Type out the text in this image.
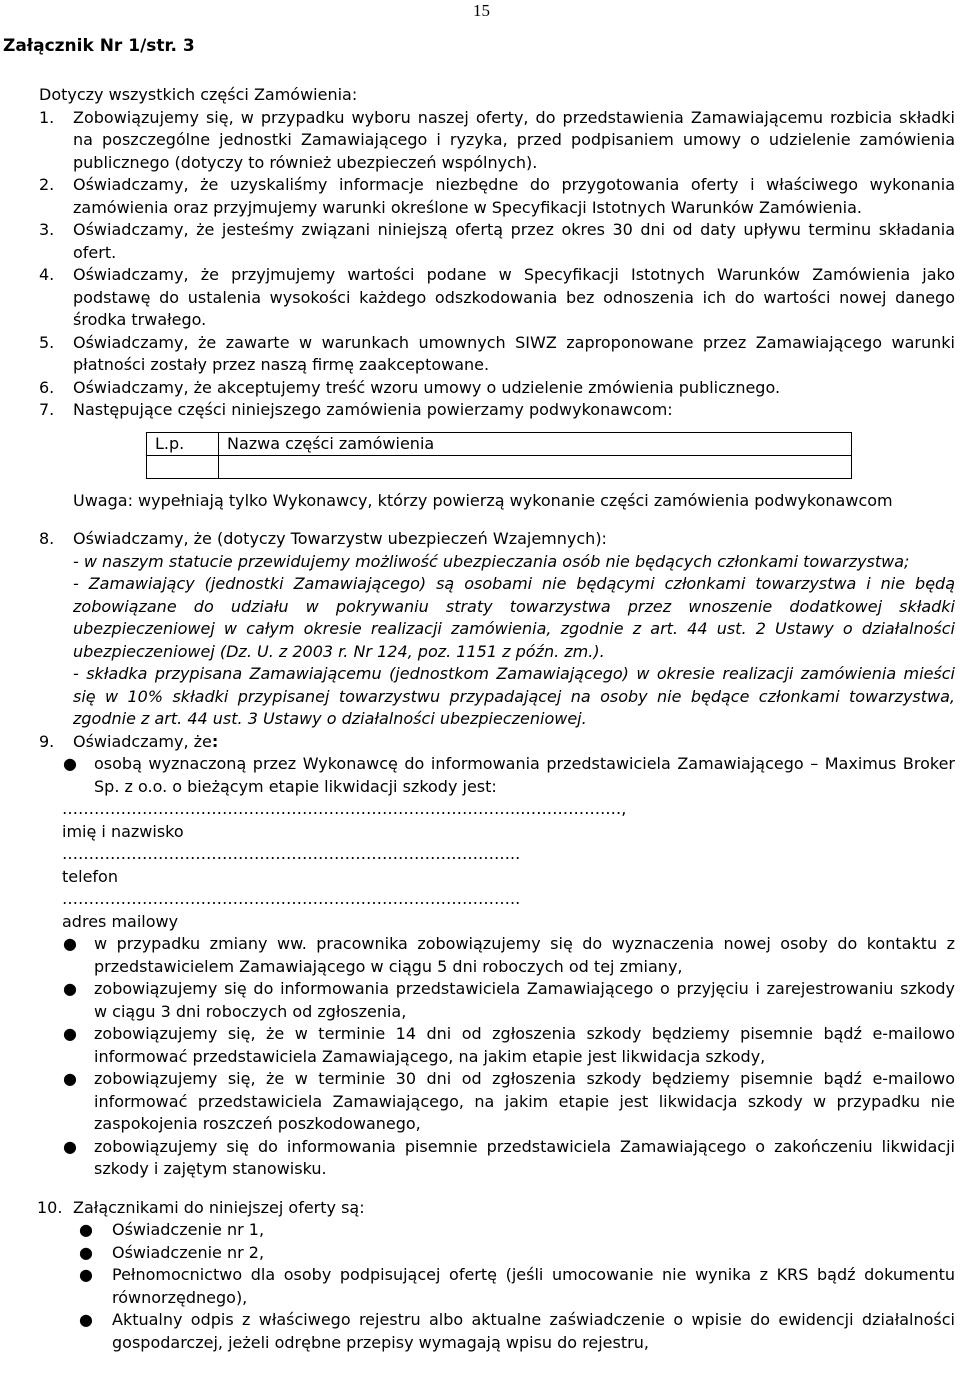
15
Załącznik Nr 1/str. 3

Dotyczy wszystkich części Zamówienia:

1. Zobowiązujemy się, w przypadku wyboru naszej oferty, do przedstawienia Zamawiającemu rozbicia składki na poszczególne jednostki Zamawiającego i ryzyka, przed podpisaniem umowy o udzielenie zamówienia publicznego (dotyczy to również ubezpieczeń wspólnych).
2. Oświadczamy, że uzyskaliśmy informacje niezbędne do przygotowania oferty i właściwego wykonania zamówienia oraz przyjmujemy warunki określone w Specyfikacji Istotnych Warunków Zamówienia.
3. Oświadczamy, że jesteśmy związani niniejszą ofertą przez okres 30 dni od daty upływu terminu składania ofert.
4. Oświadczamy, że przyjmujemy wartości podane w Specyfikacji Istotnych Warunków Zamówienia jako podstawę do ustalenia wysokości każdego odszkodowania bez odnoszenia ich do wartości nowej danego środka trwałego.
5. Oświadczamy, że zawarte w warunkach umownych SIWZ zaproponowane przez Zamawiającego warunki płatności zostały przez naszą firmę zaakceptowane.
6. Oświadczamy, że akceptujemy treść wzoru umowy o udzielenie zmówienia publicznego.
7. Następujące części niniejszego zamówienia powierzamy podwykonawcom:
L.p.	Nazwa części zamówienia

Uwaga: wypełniają tylko Wykonawcy, którzy powierzą wykonanie części zamówienia podwykonawcom
8. Oświadczamy, że (dotyczy Towarzystw ubezpieczeń Wzajemnych):
- w naszym statucie przewidujemy możliwość ubezpieczania osób nie będących członkami towarzystwa;
- Zamawiający (jednostki Zamawiającego) są osobami nie będącymi członkami towarzystwa i nie będą zobowiązane do udziału w pokrywaniu straty towarzystwa przez wnoszenie dodatkowej składki ubezpieczeniowej w całym okresie realizacji zamówienia, zgodnie z art. 44 ust. 2 Ustawy o działalności ubezpieczeniowej (Dz. U. z 2003 r. Nr 124, poz. 1151 z późn. zm.).
- składka przypisana Zamawiającemu (jednostkom Zamawiającego) w okresie realizacji zamówienia mieści się w 10% składki przypisanej towarzystwu przypadającej na osoby nie będące członkami towarzystwa, zgodnie z art. 44 ust. 3 Ustawy o działalności ubezpieczeniowej.
9. Oświadczamy, że:
● osobą wyznaczoną przez Wykonawcę do informowania przedstawiciela Zamawiającego – Maximus Broker Sp. z o.o. o bieżącym etapie likwidacji szkody jest:
…………………………………………………………………………..…………….…,
imię i nazwisko
…………………………………………………………………………..
telefon
…………………………………………………………………………..
adres mailowy
● w przypadku zmiany ww. pracownika zobowiązujemy się do wyznaczenia nowej osoby do kontaktu z przedstawicielem Zamawiającego w ciągu 5 dni roboczych od tej zmiany,
● zobowiązujemy się do informowania przedstawiciela Zamawiającego o przyjęciu i zarejestrowaniu szkody w ciągu 3 dni roboczych od zgłoszenia,
● zobowiązujemy się, że w terminie 14 dni od zgłoszenia szkody będziemy pisemnie bądź e-mailowo informować przedstawiciela Zamawiającego, na jakim etapie jest likwidacja szkody,
● zobowiązujemy się, że w terminie 30 dni od zgłoszenia szkody będziemy pisemnie bądź e-mailowo informować przedstawiciela Zamawiającego, na jakim etapie jest likwidacja szkody w przypadku nie zaspokojenia roszczeń poszkodowanego,
● zobowiązujemy się do informowania pisemnie przedstawiciela Zamawiającego o zakończeniu likwidacji szkody i zajętym stanowisku.
10. Załącznikami do niniejszej oferty są:
● Oświadczenie nr 1,
● Oświadczenie nr 2,
● Pełnomocnictwo dla osoby podpisującej ofertę (jeśli umocowanie nie wynika z KRS bądź dokumentu równorzędnego),
● Aktualny odpis z właściwego rejestru albo aktualne zaświadczenie o wpisie do ewidencji działalności gospodarczej, jeżeli odrębne przepisy wymagają wpisu do rejestru,
